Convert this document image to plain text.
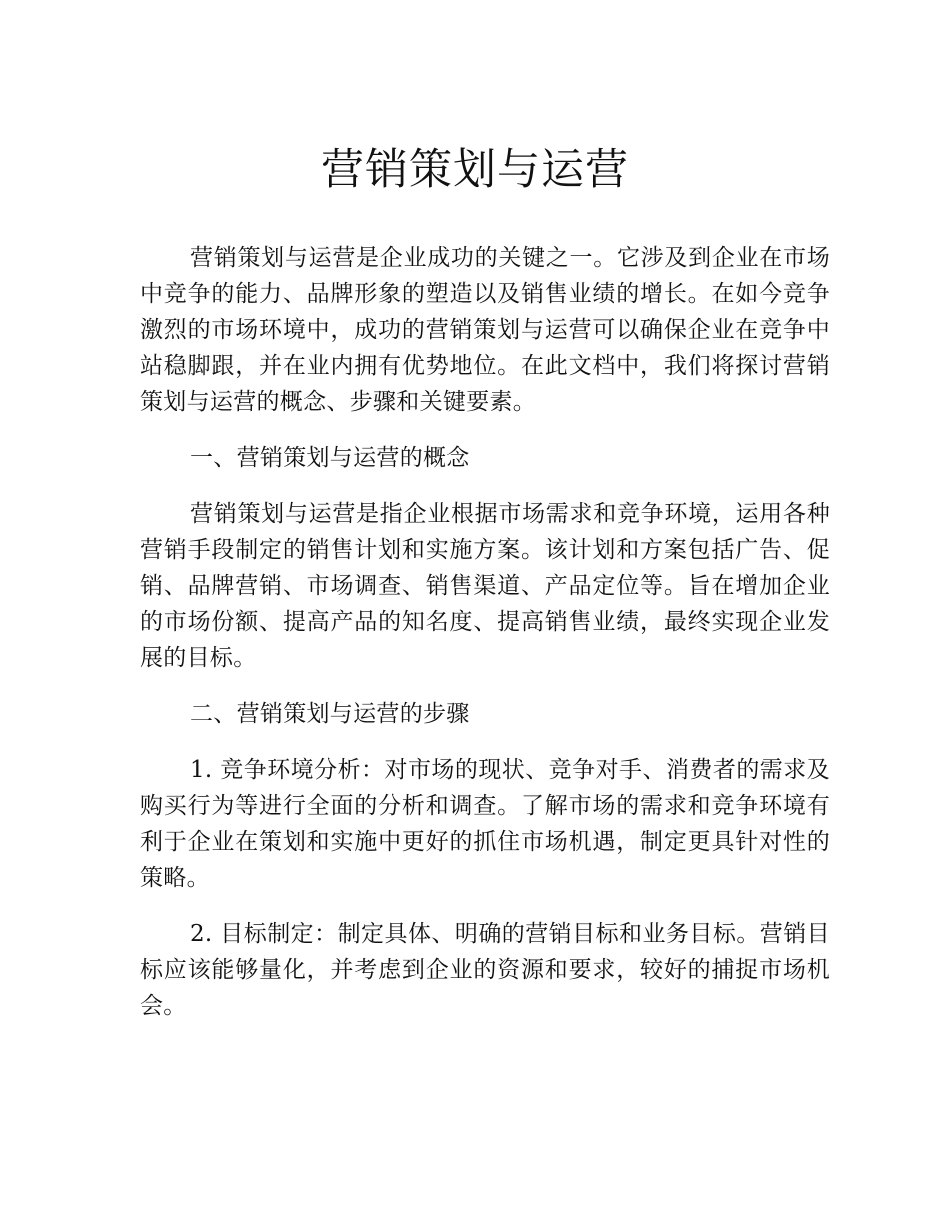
营销策划与运营

营销策划与运营是企业成功的关键之一。它涉及到企业在市场中竞争的能力、品牌形象的塑造以及销售业绩的增长。在如今竞争激烈的市场环境中，成功的营销策划与运营可以确保企业在竞争中站稳脚跟，并在业内拥有优势地位。在此文档中，我们将探讨营销策划与运营的概念、步骤和关键要素。

一、营销策划与运营的概念

营销策划与运营是指企业根据市场需求和竞争环境，运用各种营销手段制定的销售计划和实施方案。该计划和方案包括广告、促销、品牌营销、市场调查、销售渠道、产品定位等。旨在增加企业的市场份额、提高产品的知名度、提高销售业绩，最终实现企业发展的目标。

二、营销策划与运营的步骤

1. 竞争环境分析：对市场的现状、竞争对手、消费者的需求及购买行为等进行全面的分析和调查。了解市场的需求和竞争环境有利于企业在策划和实施中更好的抓住市场机遇，制定更具针对性的策略。

2. 目标制定：制定具体、明确的营销目标和业务目标。营销目标应该能够量化，并考虑到企业的资源和要求，较好的捕捉市场机会。
